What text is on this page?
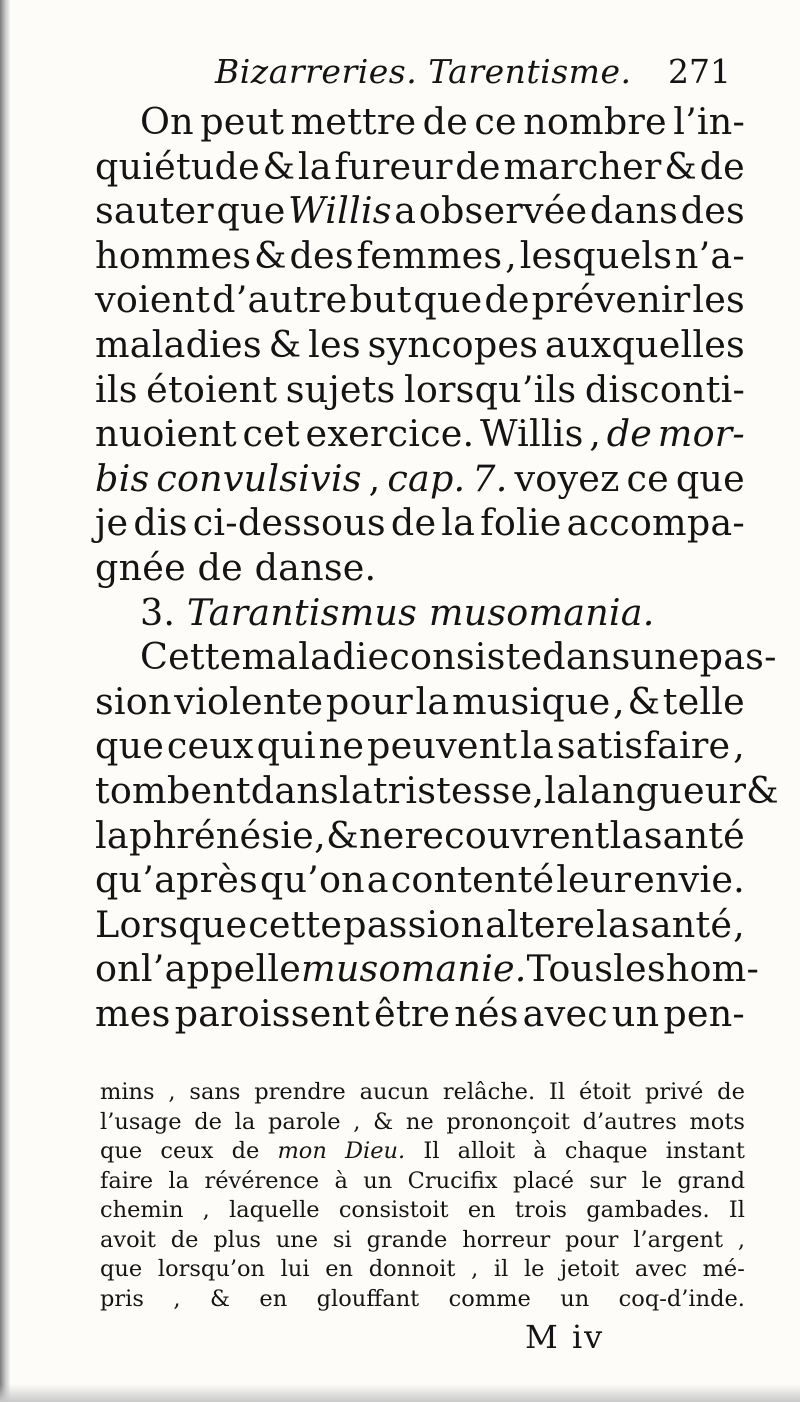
Bizarreries. Tarentisme. 271
On peut mettre de ce nombre l’in-
quiétude & la fureur de marcher & de
sauter que Willis a observée dans des
hommes & des femmes , lesquels n’a-
voient d’autre but que de prévenir les
maladies & les syncopes auxquelles
ils étoient sujets lorsqu’ils disconti-
nuoient cet exercice. Willis , de mor-
bis convulsivis , cap. 7. voyez ce que
je dis ci-dessous de la folie accompa-
gnée de danse.
3. Tarantismus musomania.
Cette maladie consiste dans une pas-
sion violente pour la musique , & telle
que ceux qui ne peuvent la satisfaire ,
tombent dans la tristesse, la langueur &
la phrénésie , & ne recouvrent la santé
qu’après qu’on a contenté leur envie.
Lorsque cette passion altere la santé ,
on l’appelle musomanie. Tous les hom-
mes paroissent être nés avec un pen-
mins , sans prendre aucun relâche. Il étoit privé de
l’usage de la parole , & ne prononçoit d’autres mots
que ceux de mon Dieu. Il alloit à chaque instant
faire la révérence à un Crucifix placé sur le grand
chemin , laquelle consistoit en trois gambades. Il
avoit de plus une si grande horreur pour l’argent ,
que lorsqu’on lui en donnoit , il le jetoit avec mé-
pris , & en glouffant comme un coq-d’inde.
M iv
